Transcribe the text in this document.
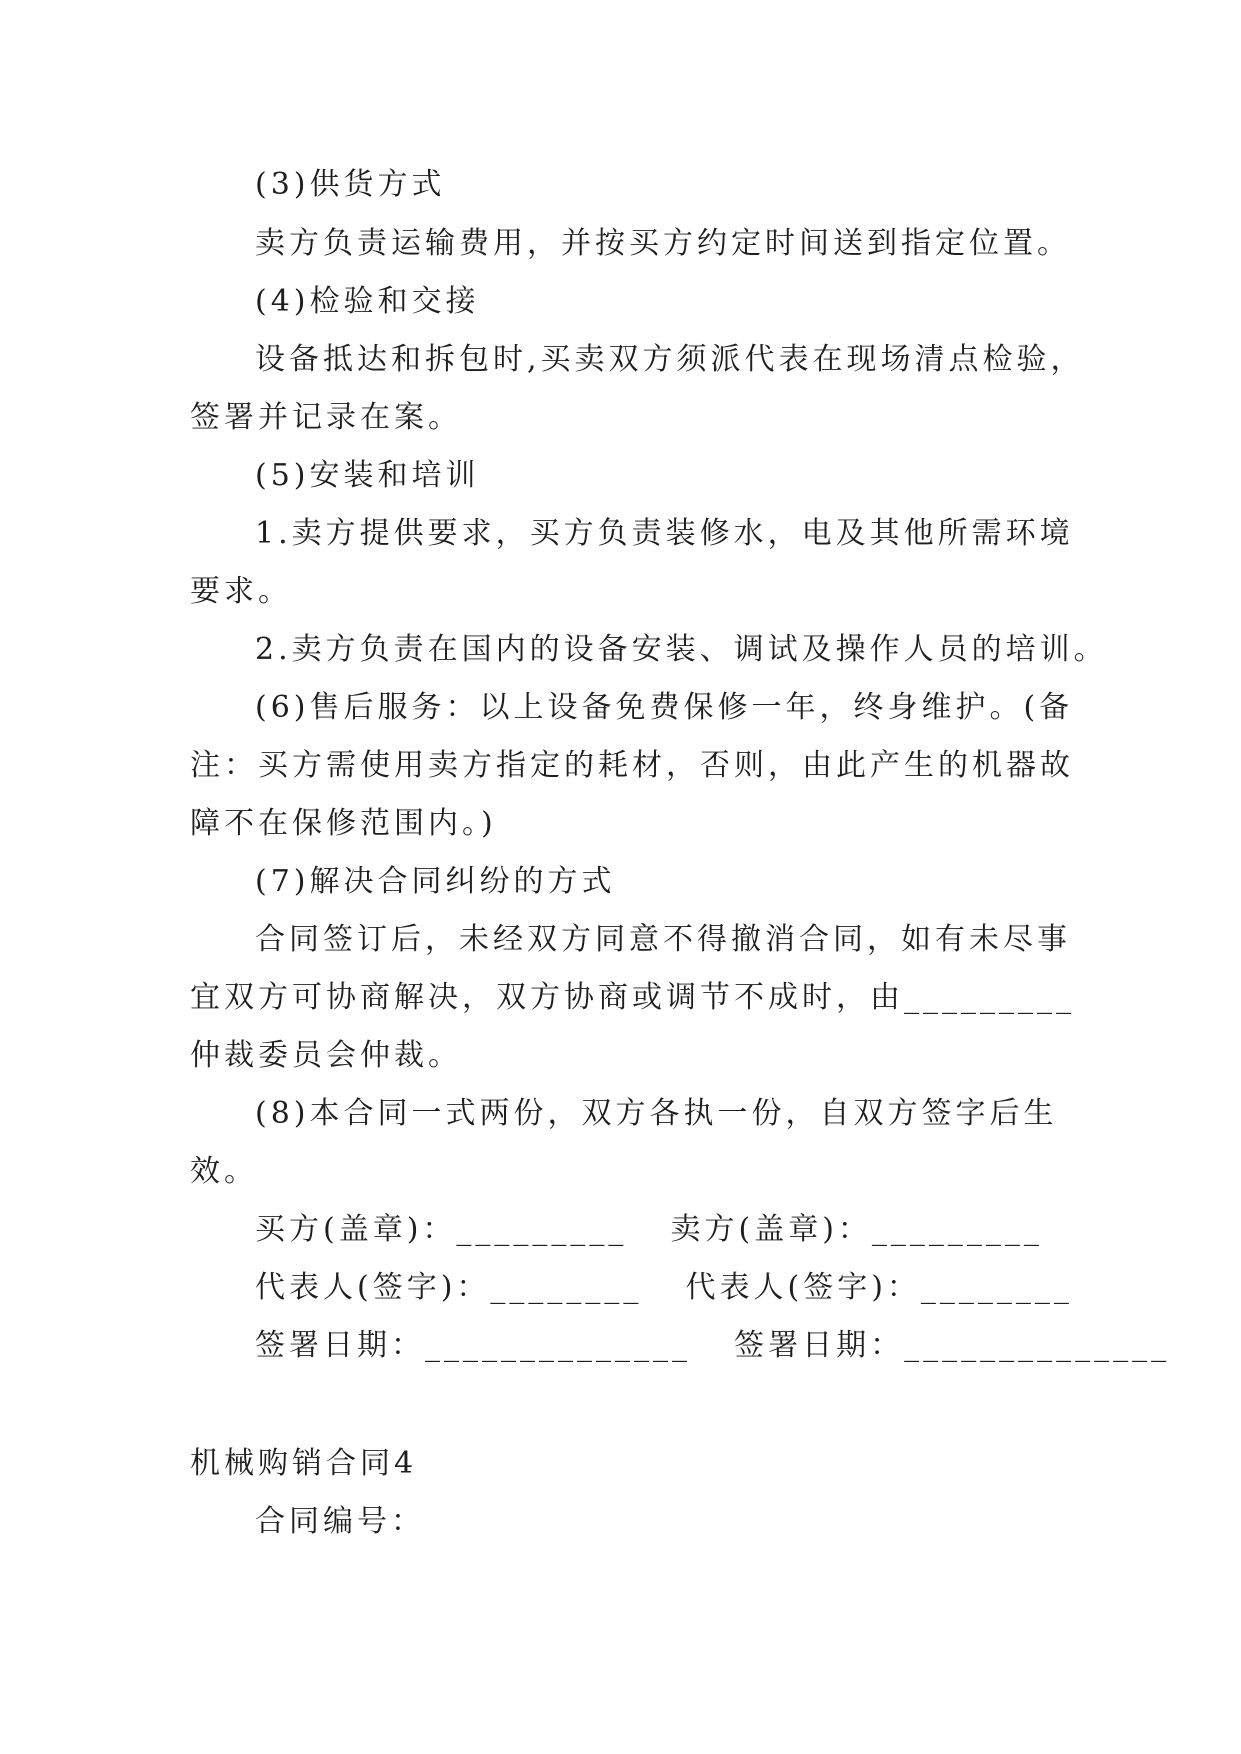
(3)供货方式
卖方负责运输费用，并按买方约定时间送到指定位置。
(4)检验和交接
设备抵达和拆包时,买卖双方须派代表在现场清点检验，
签署并记录在案。
(5)安装和培训
1.卖方提供要求，买方负责装修水，电及其他所需环境
要求。
2.卖方负责在国内的设备安装、调试及操作人员的培训。
(6)售后服务：以上设备免费保修一年，终身维护。(备
注：买方需使用卖方指定的耗材，否则，由此产生的机器故
障不在保修范围内。)
(7)解决合同纠纷的方式
合同签订后，未经双方同意不得撤消合同，如有未尽事
宜双方可协商解决，双方协商或调节不成时，由_________
仲裁委员会仲裁。
(8)本合同一式两份，双方各执一份，自双方签字后生
效。
买方(盖章)：_________ 卖方(盖章)：_________
代表人(签字)：________ 代表人(签字)：________
签署日期：______________ 签署日期：______________
机械购销合同4
合同编号：
